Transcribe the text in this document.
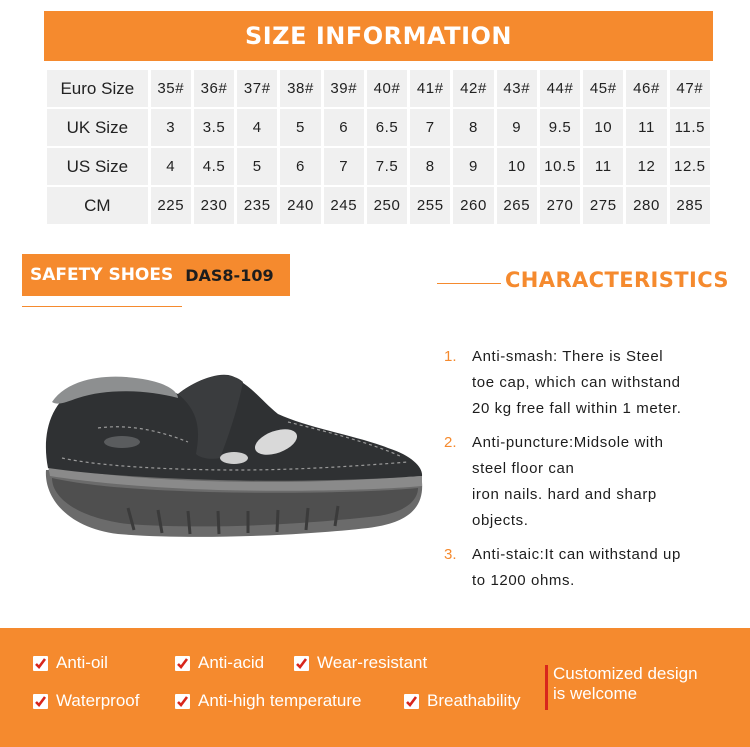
SIZE INFORMATION
Euro Size	35#	36#	37#	38#	39#	40#	41#	42#	43#	44#	45#	46#	47#
UK Size	3	3.5	4	5	6	6.5	7	8	9	9.5	10	11	11.5
US Size	4	4.5	5	6	7	7.5	8	9	10	10.5	11	12	12.5
CM	225	230	235	240	245	250	255	260	265	270	275	280	285
SAFETY SHOES DAS8-109	CHARACTERISTICS
1.	Anti-smash: There is Steel
toe cap, which can withstand
20 kg free fall within 1 meter.
2.	Anti-puncture:Midsole with
steel floor can
iron nails. hard and sharp
objects.
3.	Anti-staic:It can withstand up
to 1200 ohms.
Anti-oil	Anti-acid	Wear-resistant
Waterproof	Anti-high temperature	Breathability
Customized design
is welcome
